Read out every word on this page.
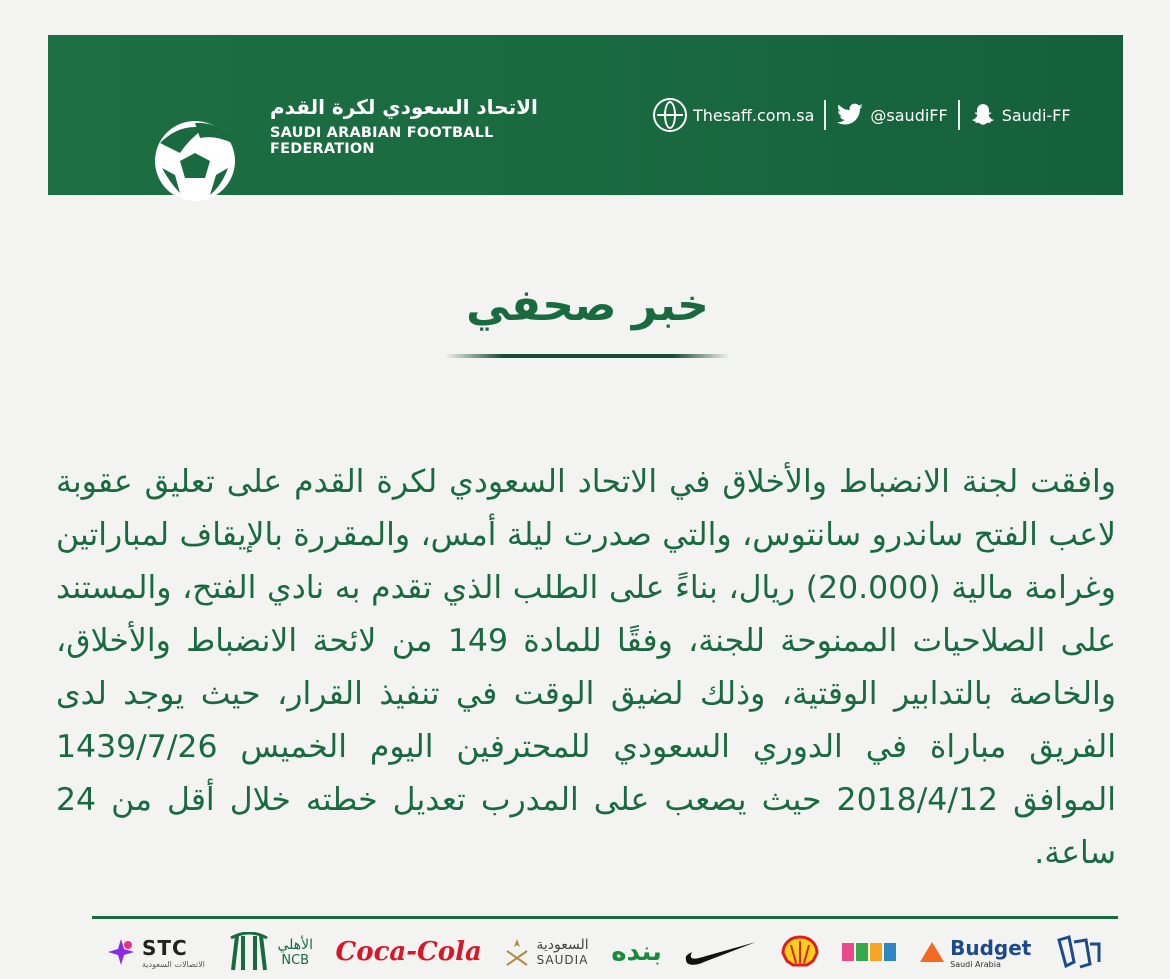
الاتحاد السعودي لكرة القدم
SAUDI ARABIAN FOOTBALL FEDERATION
Thesaff.com.sa	@saudiFF	Saudi-FF
خبر صحفي
وافقت لجنة الانضباط والأخلاق في الاتحاد السعودي لكرة القدم على تعليق عقوبة لاعب الفتح ساندرو سانتوس، والتي صدرت ليلة أمس، والمقررة بالإيقاف لمباراتين وغرامة مالية (20.000) ريال، بناءً على الطلب الذي تقدم به نادي الفتح، والمستند على الصلاحيات الممنوحة للجنة، وفقًا للمادة 149 من لائحة الانضباط والأخلاق، والخاصة بالتدابير الوقتية، وذلك لضيق الوقت في تنفيذ القرار، حيث يوجد لدى الفريق مباراة في الدوري السعودي للمحترفين اليوم الخميس 1439/7/26 الموافق 2018/4/12 حيث يصعب على المدرب تعديل خطته خلال أقل من 24 ساعة.
Budget
Saudi Arabia
بنده
السعودية
SAUDIA
Coca-Cola
الأهلي
NCB
STC
الاتصالات السعودية
